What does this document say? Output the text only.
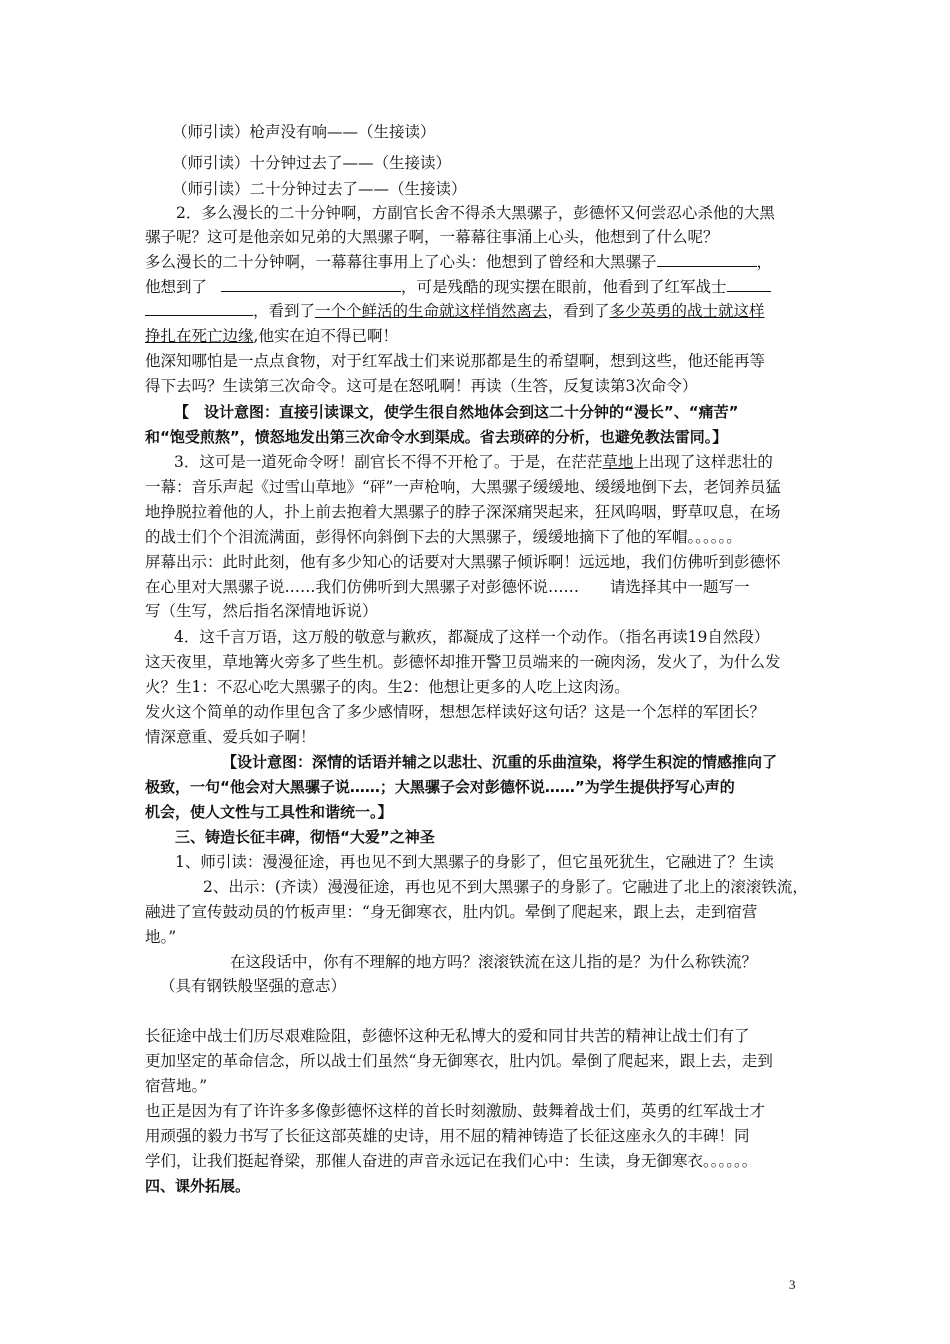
（师引读）枪声没有响——（生接读）
（师引读）十分钟过去了——（生接读）
（师引读）二十分钟过去了——（生接读）
2．多么漫长的二十分钟啊，方副官长舍不得杀大黑骡子，彭德怀又何尝忍心杀他的大黑
骡子呢？这可是他亲如兄弟的大黑骡子啊，一幕幕往事涌上心头，他想到了什么呢？
多么漫长的二十分钟啊，一幕幕往事用上了心头：他想到了曾经和大黑骡子	，
他想到了	，可是残酷的现实摆在眼前，他看到了红军战士
，看到了一个个鲜活的生命就这样悄然离去，看到了多少英勇的战士就这样
挣扎在死亡边缘,他实在迫不得已啊！
他深知哪怕是一点点食物，对于红军战士们来说那都是生的希望啊，想到这些，他还能再等
得下去吗？生读第三次命令。这可是在怒吼啊！再读（生答，反复读第3次命令）
【　设计意图：直接引读课文，使学生很自然地体会到这二十分钟的“漫长”、“痛苦”
和“饱受煎熬”，愤怒地发出第三次命令水到渠成。省去琐碎的分析，也避免教法雷同。】
3．这可是一道死命令呀！副官长不得不开枪了。于是，在茫茫草地上出现了这样悲壮的
一幕：音乐声起《过雪山草地》“砰”一声枪响，大黑骡子缓缓地、缓缓地倒下去，老饲养员猛
地挣脱拉着他的人，扑上前去抱着大黑骡子的脖子深深痛哭起来，狂风呜咽，野草叹息，在场
的战士们个个泪流满面，彭得怀向斜倒下去的大黑骡子，缓缓地摘下了他的军帽。。。。。。
屏幕出示：此时此刻，他有多少知心的话要对大黑骡子倾诉啊！远远地，我们仿佛听到彭德怀
在心里对大黑骡子说……我们仿佛听到大黑骡子对彭德怀说……　　请选择其中一题写一
写（生写，然后指名深情地诉说）
4．这千言万语，这万般的敬意与歉疚，都凝成了这样一个动作。（指名再读19自然段）
这天夜里，草地篝火旁多了些生机。彭德怀却推开警卫员端来的一碗肉汤，发火了，为什么发
火？生1：不忍心吃大黑骡子的肉。生2：他想让更多的人吃上这肉汤。
发火这个简单的动作里包含了多少感情呀，想想怎样读好这句话？这是一个怎样的军团长？
情深意重、爱兵如子啊！
【设计意图：深情的话语并辅之以悲壮、沉重的乐曲渲染，将学生积淀的情感推向了
极致，一句“他会对大黑骡子说……；大黑骡子会对彭德怀说……”为学生提供抒写心声的
机会，使人文性与工具性和谐统一。】
三、铸造长征丰碑，彻悟“大爱”之神圣
1、师引读：漫漫征途，再也见不到大黑骡子的身影了，但它虽死犹生，它融进了？生读
2、出示：(齐读）漫漫征途，再也见不到大黑骡子的身影了。它融进了北上的滚滚铁流，
融进了宣传鼓动员的竹板声里：“身无御寒衣，肚内饥。晕倒了爬起来，跟上去，走到宿营
地。”
在这段话中，你有不理解的地方吗？滚滚铁流在这儿指的是？为什么称铁流？
（具有钢铁般坚强的意志）
长征途中战士们历尽艰难险阻，彭德怀这种无私博大的爱和同甘共苦的精神让战士们有了
更加坚定的革命信念，所以战士们虽然“身无御寒衣，肚内饥。晕倒了爬起来，跟上去，走到
宿营地。”
也正是因为有了许许多多像彭德怀这样的首长时刻激励、鼓舞着战士们，英勇的红军战士才
用顽强的毅力书写了长征这部英雄的史诗，用不屈的精神铸造了长征这座永久的丰碑！同
学们，让我们挺起脊梁，那催人奋进的声音永远记在我们心中：生读，身无御寒衣。。。。。。
四、课外拓展。
3
